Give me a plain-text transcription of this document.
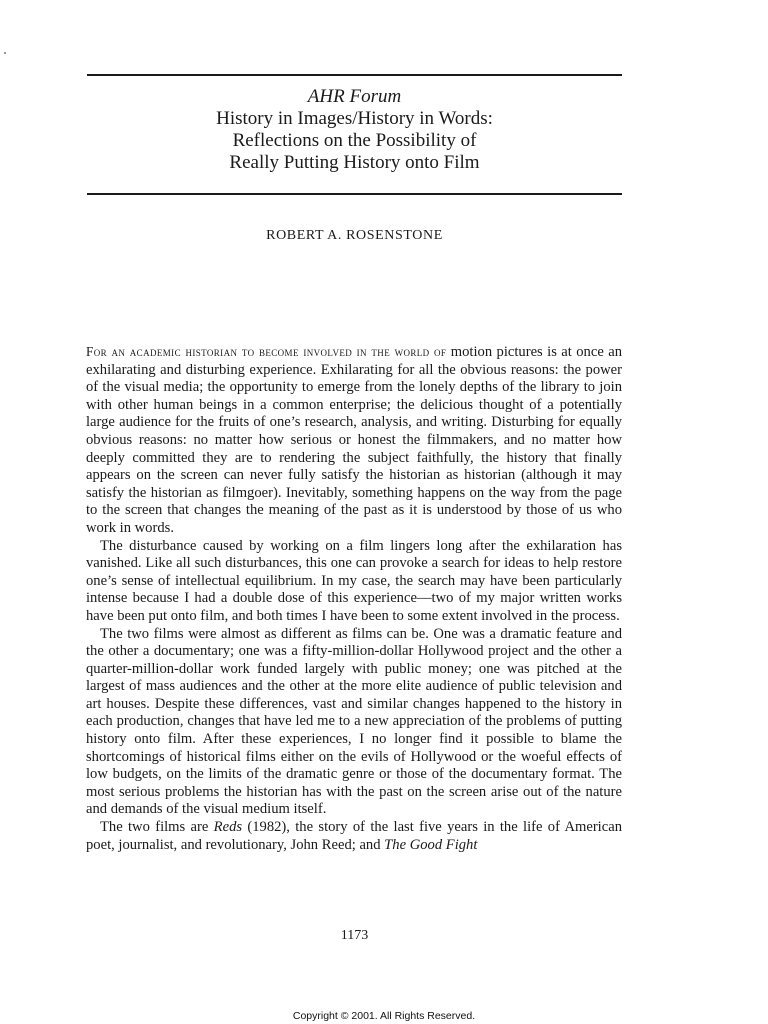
AHR Forum
History in Images/History in Words:
Reflections on the Possibility of
Really Putting History onto Film
ROBERT A. ROSENSTONE

For an academic historian to become involved in the world of motion pictures is at once an exhilarating and disturbing experience. Exhilarating for all the obvious reasons: the power of the visual media; the opportunity to emerge from the lonely depths of the library to join with other human beings in a common enterprise; the delicious thought of a potentially large audience for the fruits of one’s research, analysis, and writing. Disturbing for equally obvious reasons: no matter how serious or honest the filmmakers, and no matter how deeply committed they are to rendering the subject faithfully, the history that finally appears on the screen can never fully satisfy the historian as historian (although it may satisfy the historian as filmgoer). Inevitably, something happens on the way from the page to the screen that changes the meaning of the past as it is understood by those of us who work in words.

The disturbance caused by working on a film lingers long after the exhilaration has vanished. Like all such disturbances, this one can provoke a search for ideas to help restore one’s sense of intellectual equilibrium. In my case, the search may have been particularly intense because I had a double dose of this experience—two of my major written works have been put onto film, and both times I have been to some extent involved in the process.

The two films were almost as different as films can be. One was a dramatic feature and the other a documentary; one was a fifty-million-dollar Hollywood project and the other a quarter-million-dollar work funded largely with public money; one was pitched at the largest of mass audiences and the other at the more elite audience of public television and art houses. Despite these differences, vast and similar changes happened to the history in each production, changes that have led me to a new appreciation of the problems of putting history onto film. After these experiences, I no longer find it possible to blame the shortcomings of historical films either on the evils of Hollywood or the woeful effects of low budgets, on the limits of the dramatic genre or those of the documentary format. The most serious problems the historian has with the past on the screen arise out of the nature and demands of the visual medium itself.

The two films are Reds (1982), the story of the last five years in the life of American poet, journalist, and revolutionary, John Reed; and The Good Fight

1173
Copyright © 2001. All Rights Reserved.
